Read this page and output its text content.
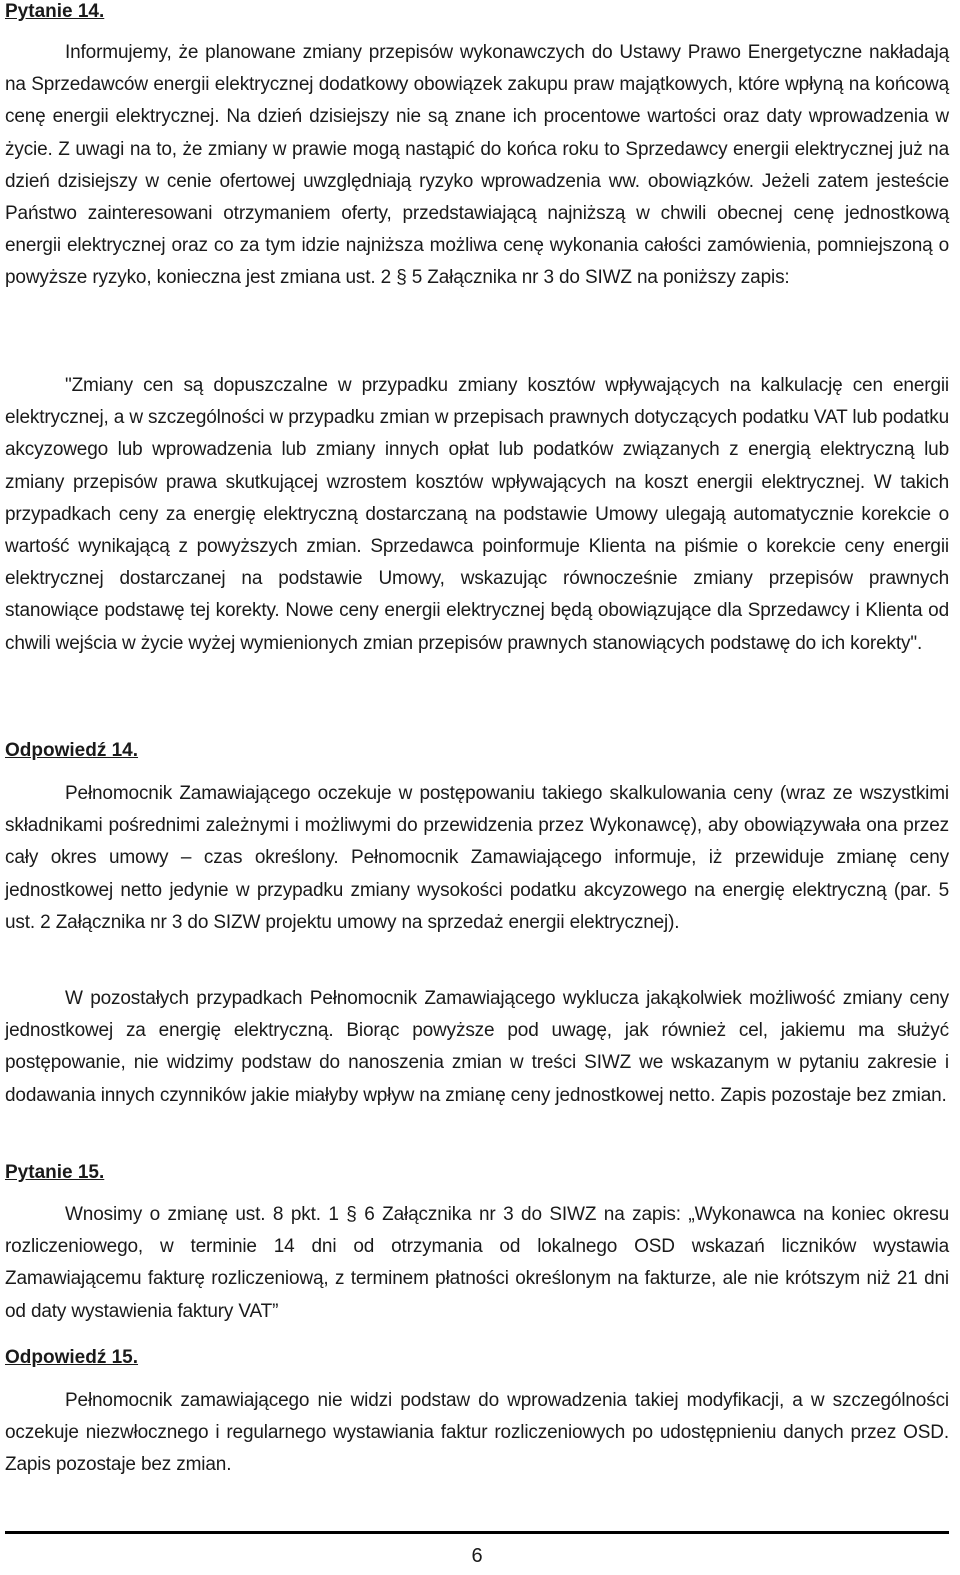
Pytanie 14.

Informujemy, że planowane zmiany przepisów wykonawczych do Ustawy Prawo Energetyczne nakładają na Sprzedawców energii elektrycznej dodatkowy obowiązek zakupu praw majątkowych, które wpłyną na końcową cenę energii elektrycznej. Na dzień dzisiejszy nie są znane ich procentowe wartości oraz daty wprowadzenia w życie. Z uwagi na to, że zmiany w prawie mogą nastąpić do końca roku to Sprzedawcy energii elektrycznej już na dzień dzisiejszy w cenie ofertowej uwzględniają ryzyko wprowadzenia ww. obowiązków. Jeżeli zatem jesteście Państwo zainteresowani otrzymaniem oferty, przedstawiającą najniższą w chwili obecnej cenę jednostkową energii elektrycznej oraz co za tym idzie najniższa możliwa cenę wykonania całości zamówienia, pomniejszoną o powyższe ryzyko, konieczna jest zmiana ust. 2 § 5 Załącznika nr 3 do SIWZ na poniższy zapis:

"Zmiany cen są dopuszczalne w przypadku zmiany kosztów wpływających na kalkulację cen energii elektrycznej, a w szczególności w przypadku zmian w przepisach prawnych dotyczących podatku VAT lub podatku akcyzowego lub wprowadzenia lub zmiany innych opłat lub podatków związanych z energią elektryczną lub zmiany przepisów prawa skutkującej wzrostem kosztów wpływających na koszt energii elektrycznej. W takich przypadkach ceny za energię elektryczną dostarczaną na podstawie Umowy ulegają automatycznie korekcie o wartość wynikającą z powyższych zmian. Sprzedawca poinformuje Klienta na piśmie o korekcie ceny energii elektrycznej dostarczanej na podstawie Umowy, wskazując równocześnie zmiany przepisów prawnych stanowiące podstawę tej korekty. Nowe ceny energii elektrycznej będą obowiązujące dla Sprzedawcy i Klienta od chwili wejścia w życie wyżej wymienionych zmian przepisów prawnych stanowiących podstawę do ich korekty".

Odpowiedź 14.

Pełnomocnik Zamawiającego oczekuje w postępowaniu takiego skalkulowania ceny (wraz ze wszystkimi składnikami pośrednimi zależnymi i możliwymi do przewidzenia przez Wykonawcę), aby obowiązywała ona przez cały okres umowy – czas określony. Pełnomocnik Zamawiającego informuje, iż przewiduje zmianę ceny jednostkowej netto jedynie w przypadku zmiany wysokości podatku akcyzowego na energię elektryczną (par. 5 ust. 2 Załącznika nr 3 do SIZW projektu umowy na sprzedaż energii elektrycznej).

W pozostałych przypadkach Pełnomocnik Zamawiającego wyklucza jakąkolwiek możliwość zmiany ceny jednostkowej za energię elektryczną. Biorąc powyższe pod uwagę, jak również cel, jakiemu ma służyć postępowanie, nie widzimy podstaw do nanoszenia zmian w treści SIWZ we wskazanym w pytaniu zakresie i dodawania innych czynników jakie miałyby wpływ na zmianę ceny jednostkowej netto. Zapis pozostaje bez zmian.

Pytanie 15.

Wnosimy o zmianę ust. 8 pkt. 1 § 6 Załącznika nr 3 do SIWZ na zapis: „Wykonawca na koniec okresu rozliczeniowego, w terminie 14 dni od otrzymania od lokalnego OSD wskazań liczników wystawia Zamawiającemu fakturę rozliczeniową, z terminem płatności określonym na fakturze, ale nie krótszym niż 21 dni od daty wystawienia faktury VAT”

Odpowiedź 15.

Pełnomocnik zamawiającego nie widzi podstaw do wprowadzenia takiej modyfikacji, a w szczególności oczekuje niezwłocznego i regularnego wystawiania faktur rozliczeniowych po udostępnieniu danych przez OSD. Zapis pozostaje bez zmian.

6
